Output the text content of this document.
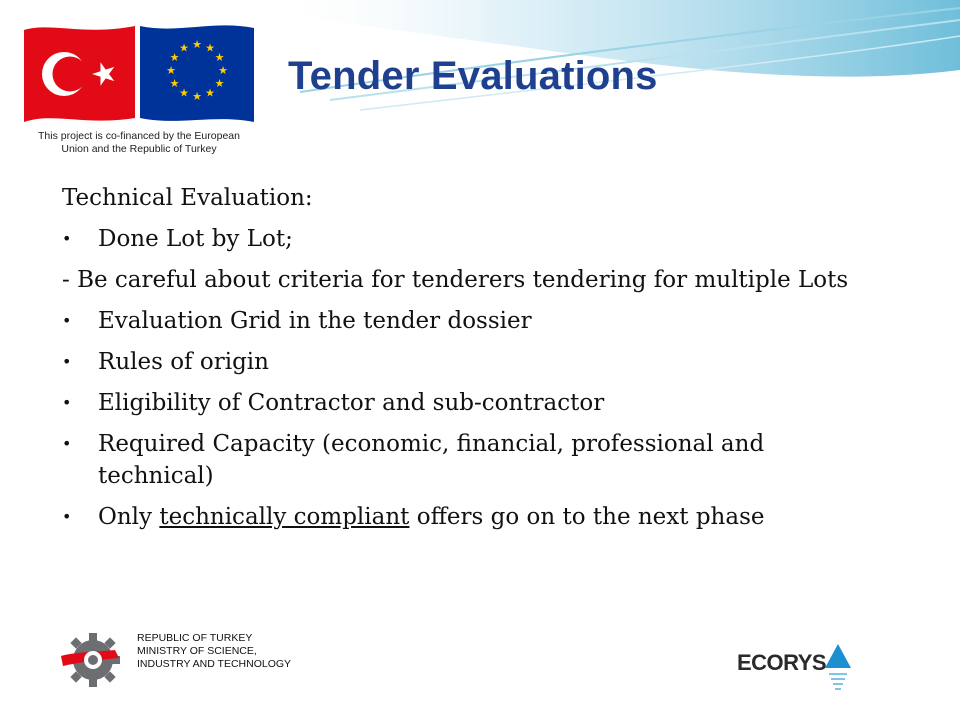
★ ★
★
★
★
★
★
★
★
★
★
★
This project is co-financed by the European
Union and the Republic of Turkey
Tender Evaluations

Technical Evaluation:

• Done Lot by Lot;

- Be careful about criteria for tenderers tendering for multiple Lots

• Evaluation Grid in the tender dossier
• Rules of origin
• Eligibility of Contractor and sub-contractor
• Required Capacity (economic, financial, professional and technical)
• Only technically compliant offers go on to the next phase
REPUBLIC OF TURKEY
MINISTRY OF SCIENCE,
INDUSTRY AND TECHNOLOGY	ECORYS
